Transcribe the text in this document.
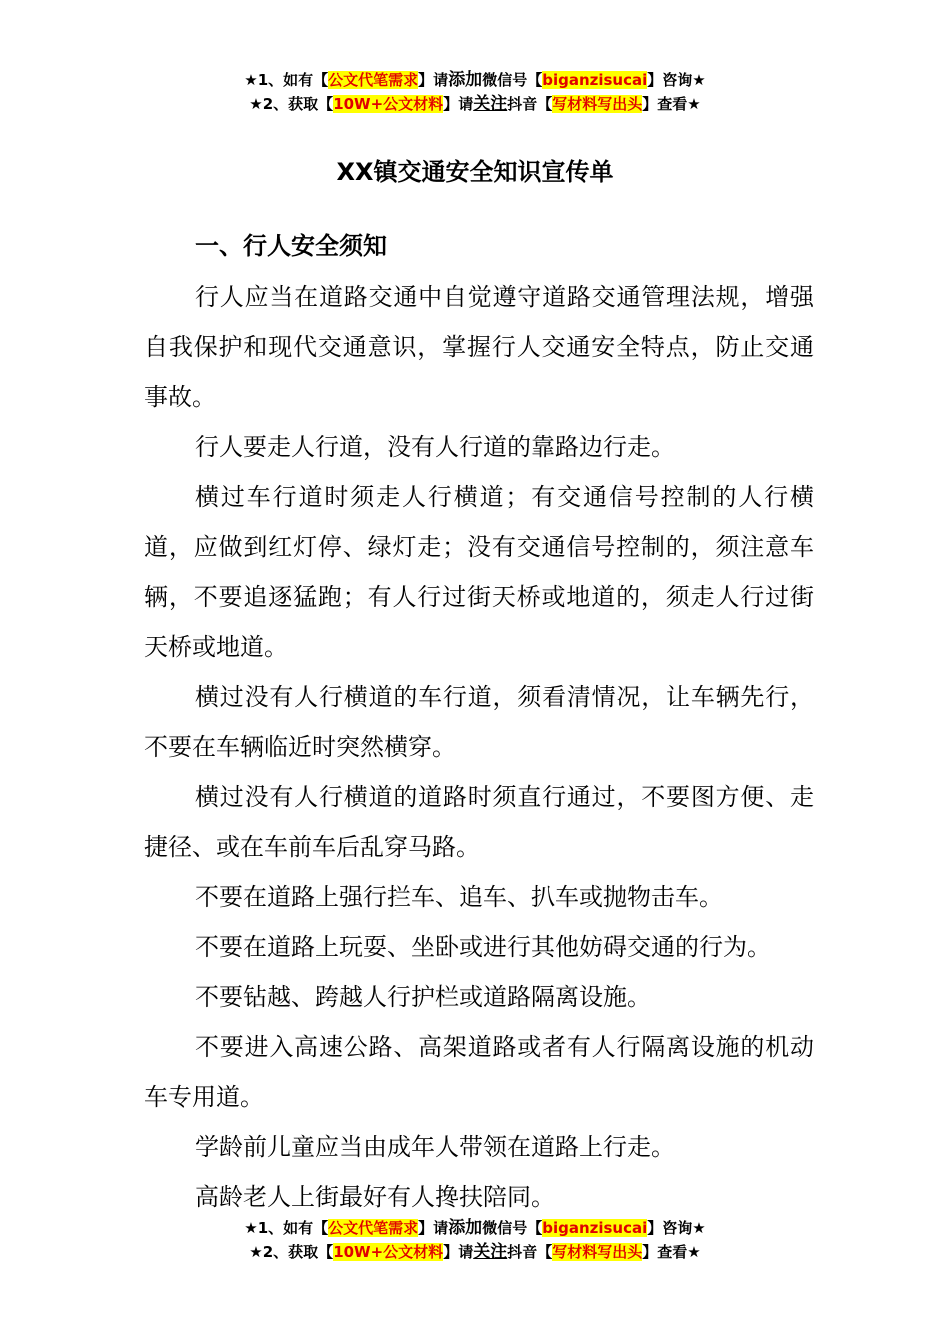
★1、如有【公文代笔需求】请添加微信号【biganzisucai】咨询★
★2、获取【10W+公文材料】请关注抖音【写材料写出头】查看★
XX镇交通安全知识宣传单
一、行人安全须知

行人应当在道路交通中自觉遵守道路交通管理法规，增强自我保护和现代交通意识，掌握行人交通安全特点，防止交通事故。

行人要走人行道，没有人行道的靠路边行走。

横过车行道时须走人行横道；有交通信号控制的人行横道，应做到红灯停、绿灯走；没有交通信号控制的，须注意车辆，不要追逐猛跑；有人行过街天桥或地道的，须走人行过街天桥或地道。

横过没有人行横道的车行道，须看清情况，让车辆先行，不要在车辆临近时突然横穿。

横过没有人行横道的道路时须直行通过，不要图方便、走捷径、或在车前车后乱穿马路。

不要在道路上强行拦车、追车、扒车或抛物击车。

不要在道路上玩耍、坐卧或进行其他妨碍交通的行为。

不要钻越、跨越人行护栏或道路隔离设施。

不要进入高速公路、高架道路或者有人行隔离设施的机动车专用道。

学龄前儿童应当由成年人带领在道路上行走。

高龄老人上街最好有人搀扶陪同。

★1、如有【公文代笔需求】请添加微信号【biganzisucai】咨询★
★2、获取【10W+公文材料】请关注抖音【写材料写出头】查看★
